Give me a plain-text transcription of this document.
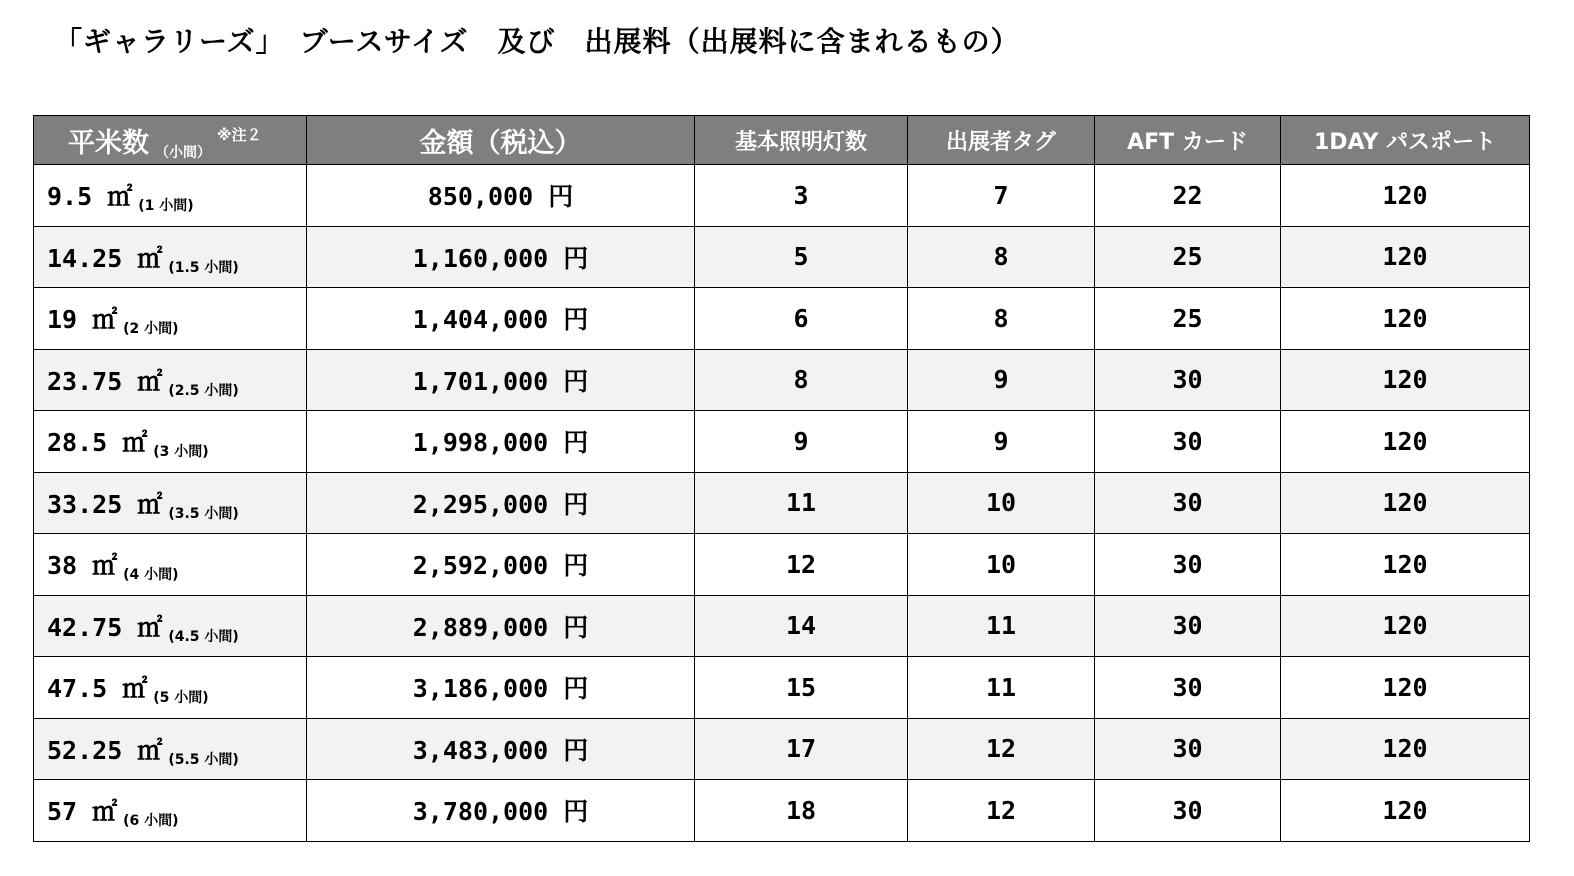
「ギャラリーズ」　ブースサイズ　及び　出展料（出展料に含まれるもの）
平米数 （小間）$^{※注2}$	金額（税込）	基本照明灯数	出展者タグ	AFT カード	1DAY パスポート
9.5 ㎡ $_{(1 小間)}$	850,000 円	3	7	22	120
14.25 ㎡ $_{(1.5 小間)}$	1,160,000 円	5	8	25	120
19 ㎡ $_{(2 小間)}$	1,404,000 円	6	8	25	120
23.75 ㎡ $_{(2.5 小間)}$	1,701,000 円	8	9	30	120
28.5 ㎡ $_{(3 小間)}$	1,998,000 円	9	9	30	120
33.25 ㎡ $_{(3.5 小間)}$	2,295,000 円	11	10	30	120
38 ㎡ $_{(4 小間)}$	2,592,000 円	12	10	30	120
42.75 ㎡ $_{(4.5 小間)}$	2,889,000 円	14	11	30	120
47.5 ㎡ $_{(5 小間)}$	3,186,000 円	15	11	30	120
52.25 ㎡ $_{(5.5 小間)}$	3,483,000 円	17	12	30	120
57 ㎡ $_{(6 小間)}$	3,780,000 円	18	12	30	120
